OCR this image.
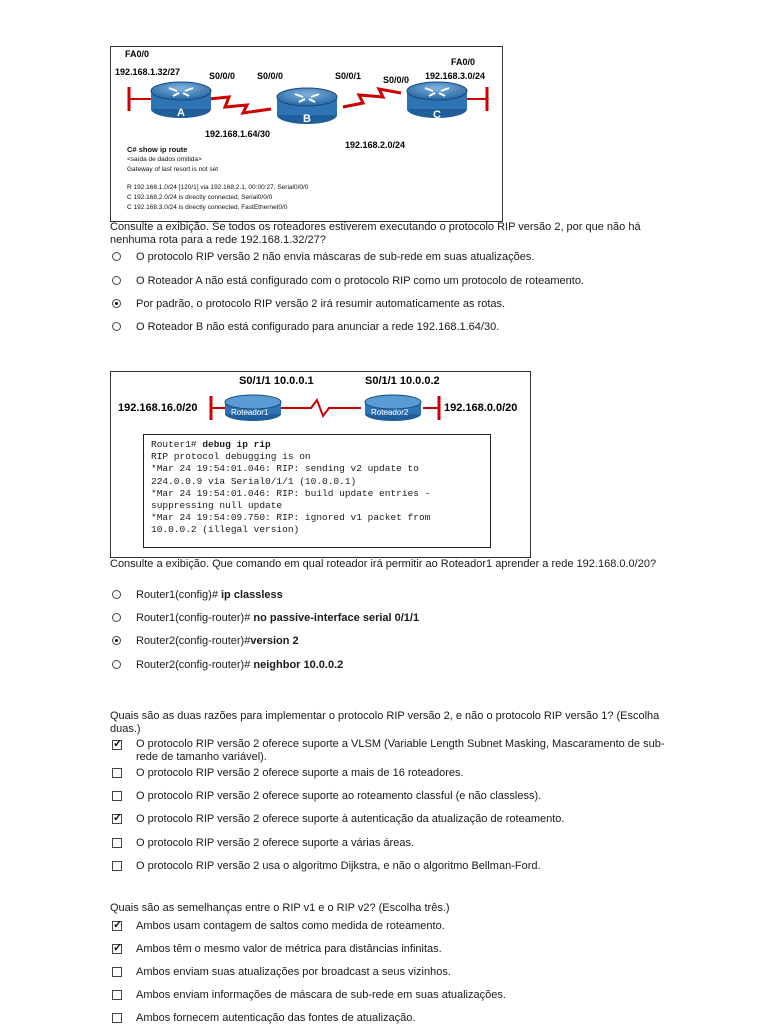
FA0/0
192.168.1.32/27	S0/0/0 S0/0/0	S0/0/1 S0/0/0
FA0/0
192.168.3.0/24
A	B	C
192.168.1.64/30
192.168.2.0/24
C# show ip route
<saída de dados omitida>
Gateway of last resort is not set
R 192.168.1.0/24 [120/1] via 192.168.2.1, 00:00:27, Serial0/0/0
C 192.168.2.0/24 is directly connected, Serial0/0/0
C 192.168.3.0/24 is directly connected, FastEthernet0/0
Consulte a exibição. Se todos os roteadores estiverem executando o protocolo RIP versão 2, por que não há nenhuma rota para a rede 192.168.1.32/27?
O protocolo RIP versão 2 não envia máscaras de sub-rede em suas atualizações.
O Roteador A não está configurado com o protocolo RIP como um protocolo de roteamento.
Por padrão, o protocolo RIP versão 2 irá resumir automaticamente as rotas.
O Roteador B não está configurado para anunciar a rede 192.168.1.64/30.
S0/1/1 10.0.0.1	S0/1/1 10.0.0.2
192.168.16.0/20	192.168.0.0/20
Roteador1	Roteador2
Router1# debug ip rip
RIP protocol debugging is on
*Mar 24 19:54:01.046: RIP: sending v2 update to
224.0.0.9 via Serial0/1/1 (10.0.0.1)
*Mar 24 19:54:01.046: RIP: build update entries -
suppressing null update
*Mar 24 19:54:09.750: RIP: ignored v1 packet from
10.0.0.2 (illegal version)
Consulte a exibição. Que comando em qual roteador irá permitir ao Roteador1 aprender a rede 192.168.0.0/20?
Router1(config)# ip classless
Router1(config-router)# no passive-interface serial 0/1/1
Router2(config-router)#version 2
Router2(config-router)# neighbor 10.0.0.2
Quais são as duas razões para implementar o protocolo RIP versão 2, e não o protocolo RIP versão 1? (Escolha duas.)
✓
O protocolo RIP versão 2 oferece suporte a VLSM (Variable Length Subnet Masking, Mascaramento de sub-rede de tamanho variável).
O protocolo RIP versão 2 oferece suporte a mais de 16 roteadores.
O protocolo RIP versão 2 oferece suporte ao roteamento classful (e não classless).
✓
O protocolo RIP versão 2 oferece suporte à autenticação da atualização de roteamento.
O protocolo RIP versão 2 oferece suporte a várias áreas.
O protocolo RIP versão 2 usa o algoritmo Dijkstra, e não o algoritmo Bellman-Ford.
Quais são as semelhanças entre o RIP v1 e o RIP v2? (Escolha três.)
✓
Ambos usam contagem de saltos como medida de roteamento.
✓
Ambos têm o mesmo valor de métrica para distâncias infinitas.
Ambos enviam suas atualizações por broadcast a seus vizinhos.
Ambos enviam informações de máscara de sub-rede em suas atualizações.
Ambos fornecem autenticação das fontes de atualização.
